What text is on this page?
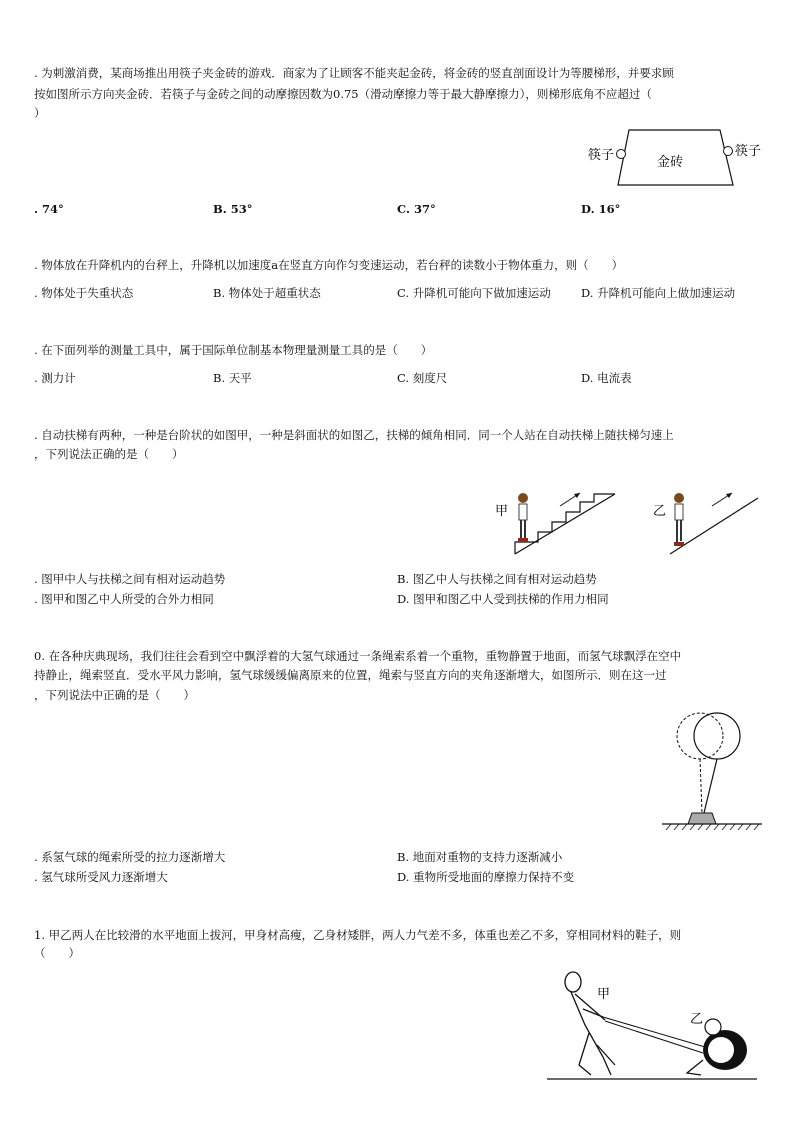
. 为刺激消费，某商场推出用筷子夹金砖的游戏．商家为了让顾客不能夹起金砖，将金砖的竖直剖面设计为等腰梯形，并要求顾
按如图所示方向夹金砖．若筷子与金砖之间的动摩擦因数为0.75（滑动摩擦力等于最大静摩擦力），则梯形底角不应超过（
）
筷子	金砖
筷子
. 74°	B. 53°	C. 37°	D. 16°
. 物体放在升降机内的台秤上，升降机以加速度a在竖直方向作匀变速运动，若台秤的读数小于物体重力，则（　　）
. 物体处于失重状态	B. 物体处于超重状态	C. 升降机可能向下做加速运动	D. 升降机可能向上做加速运动
. 在下面列举的测量工具中，属于国际单位制基本物理量测量工具的是（　　）
. 测力计	B. 天平	C. 刻度尺	D. 电流表
. 自动扶梯有两种，一种是台阶状的如图甲，一种是斜面状的如图乙，扶梯的倾角相同．同一个人站在自动扶梯上随扶梯匀速上
，下列说法正确的是（　　）
甲	乙
. 图甲中人与扶梯之间有相对运动趋势	B. 图乙中人与扶梯之间有相对运动趋势
. 图甲和图乙中人所受的合外力相同	D. 图甲和图乙中人受到扶梯的作用力相同
0. 在各种庆典现场，我们往往会看到空中飘浮着的大氢气球通过一条绳索系着一个重物，重物静置于地面，而氢气球飘浮在空中
持静止，绳索竖直．受水平风力影响，氢气球缓缓偏离原来的位置，绳索与竖直方向的夹角逐渐增大，如图所示．则在这一过
，下列说法中正确的是（　　）
. 系氢气球的绳索所受的拉力逐渐增大	B. 地面对重物的支持力逐渐减小
. 氢气球所受风力逐渐增大	D. 重物所受地面的摩擦力保持不变
1. 甲乙两人在比较滑的水平地面上拔河，甲身材高瘦，乙身材矮胖，两人力气差不多，体重也差乙不多，穿相同材料的鞋子，则
（　　）
甲
乙
